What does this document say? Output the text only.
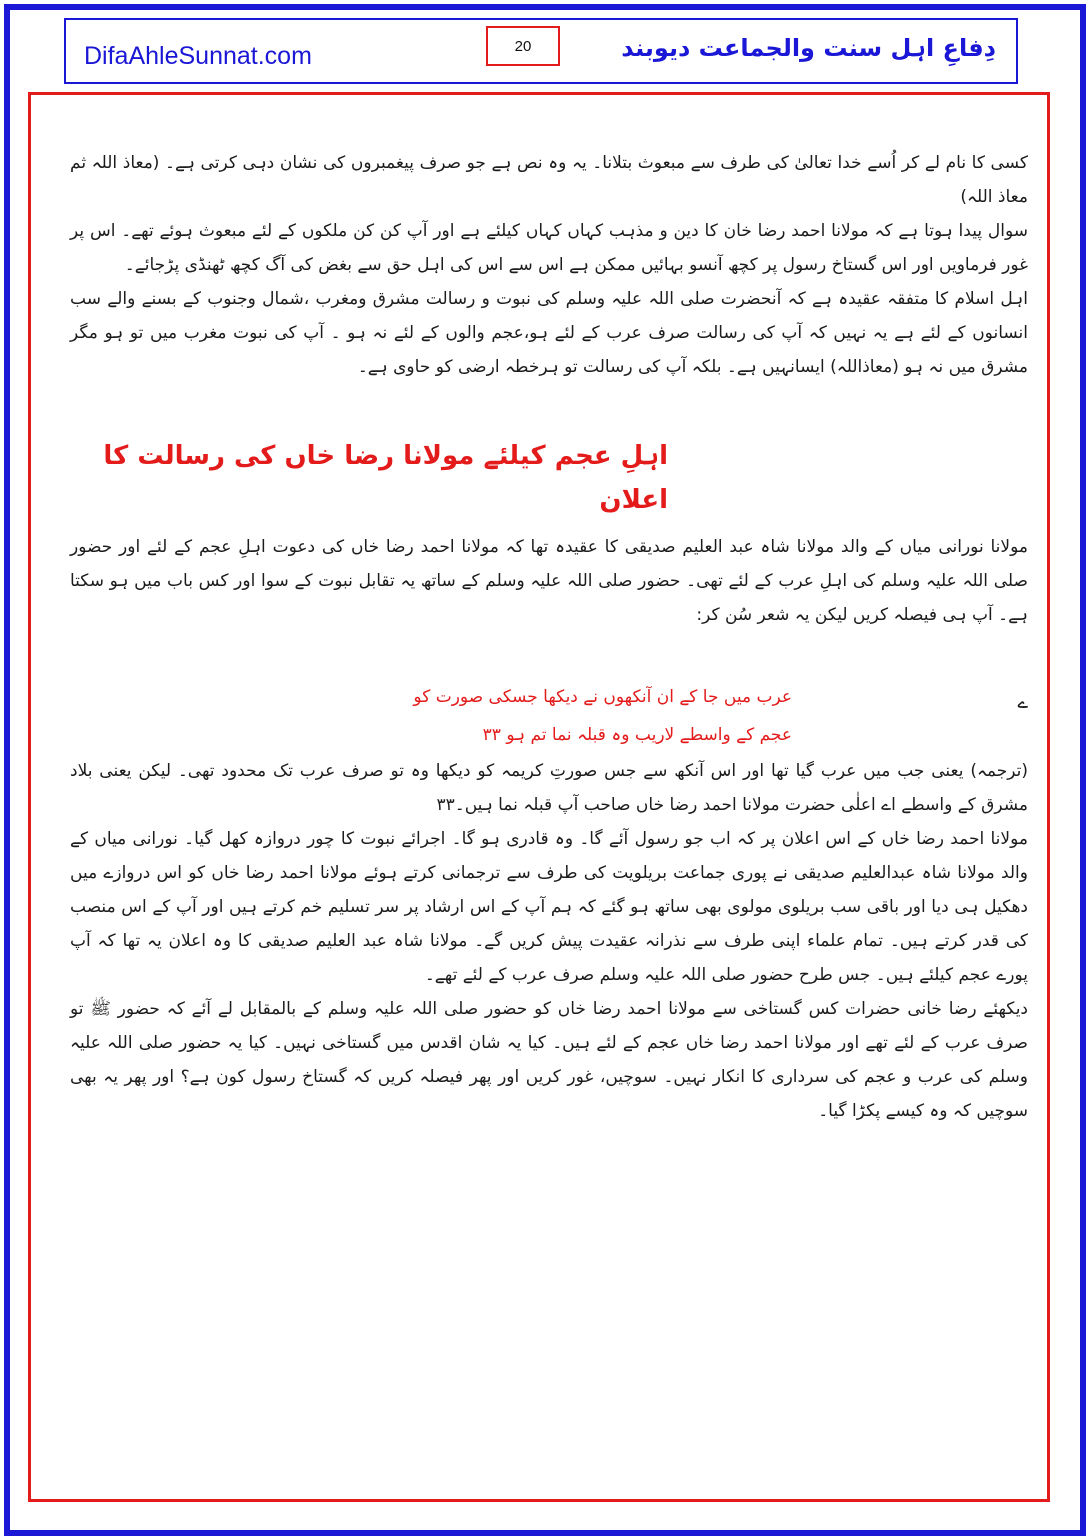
DifaAhleSunnat.com	20	دِفاعِ اہل سنت والجماعت دیوبند

کسی کا نام لے کر اُسے خدا تعالیٰ کی طرف سے مبعوث بتلانا۔ یہ وہ نص ہے جو صرف پیغمبروں کی نشان دہی کرتی ہے۔ (معاذ اللہ ثم معاذ اللہ)

سوال پیدا ہوتا ہے کہ مولانا احمد رضا خان کا دین و مذہب کہاں کہاں کیلئے ہے اور آپ کن کن ملکوں کے لئے مبعوث ہوئے تھے۔ اس پر غور فرماویں اور اس گستاخ رسول پر کچھ آنسو بہائیں ممکن ہے اس سے اس کی اہل حق سے بغض کی آگ کچھ ٹھنڈی پڑجائے۔

اہل اسلام کا متفقہ عقیدہ ہے کہ آنحضرت صلی اللہ علیہ وسلم کی نبوت و رسالت مشرق ومغرب ،شمال وجنوب کے بسنے والے سب انسانوں کے لئے ہے یہ نہیں کہ آپ کی رسالت صرف عرب کے لئے ہو،عجم والوں کے لئے نہ ہو ۔ آپ کی نبوت مغرب میں تو ہو مگر مشرق میں نہ ہو (معاذاللہ) ایسانہیں ہے۔ بلکہ آپ کی رسالت تو ہرخطہ ارضی کو حاوی ہے۔

اہلِ عجم کیلئے مولانا رضا خاں کی رسالت کا اعلان

مولانا نورانی میاں کے والد مولانا شاہ عبد العلیم صدیقی کا عقیدہ تھا کہ مولانا احمد رضا خاں کی دعوت اہلِ عجم کے لئے اور حضور صلی اللہ علیہ وسلم کی اہلِ عرب کے لئے تھی۔ حضور صلی اللہ علیہ وسلم کے ساتھ یہ تقابل نبوت کے سوا اور کس باب میں ہو سکتا ہے۔ آپ ہی فیصلہ کریں لیکن یہ شعر سُن کر:

ے
عرب میں جا کے ان آنکھوں نے دیکھا جسکی صورت کو
عجم کے واسطے لاریب وہ قبلہ نما تم ہو ۳۳

(ترجمہ) یعنی جب میں عرب گیا تھا اور اس آنکھ سے جس صورتِ کریمہ کو دیکھا وہ تو صرف عرب تک محدود تھی۔ لیکن یعنی بلاد مشرق کے واسطے اے اعلٰی حضرت مولانا احمد رضا خاں صاحب آپ قبلہ نما ہیں۔۳۳

مولانا احمد رضا خاں کے اس اعلان پر کہ اب جو رسول آئے گا۔ وہ قادری ہو گا۔ اجرائے نبوت کا چور دروازہ کھل گیا۔ نورانی میاں کے والد مولانا شاہ عبدالعلیم صدیقی نے پوری جماعت بریلویت کی طرف سے ترجمانی کرتے ہوئے مولانا احمد رضا خاں کو اس دروازے میں دھکیل ہی دیا اور باقی سب بریلوی مولوی بھی ساتھ ہو گئے کہ ہم آپ کے اس ارشاد پر سر تسلیم خم کرتے ہیں اور آپ کے اس منصب کی قدر کرتے ہیں۔ تمام علماء اپنی طرف سے نذرانہ عقیدت پیش کریں گے۔ مولانا شاہ عبد العلیم صدیقی کا وہ اعلان یہ تھا کہ آپ پورے عجم کیلئے ہیں۔ جس طرح حضور صلی اللہ علیہ وسلم صرف عرب کے لئے تھے۔

دیکھئے رضا خانی حضرات کس گستاخی سے مولانا احمد رضا خاں کو حضور صلی اللہ علیہ وسلم کے بالمقابل لے آئے کہ حضور ﷺ تو صرف عرب کے لئے تھے اور مولانا احمد رضا خاں عجم کے لئے ہیں۔ کیا یہ شان اقدس میں گستاخی نہیں۔ کیا یہ حضور صلی اللہ علیہ وسلم کی عرب و عجم کی سرداری کا انکار نہیں۔ سوچیں، غور کریں اور پھر فیصلہ کریں کہ گستاخ رسول کون ہے؟ اور پھر یہ بھی سوچیں کہ وہ کیسے پکڑا گیا۔
